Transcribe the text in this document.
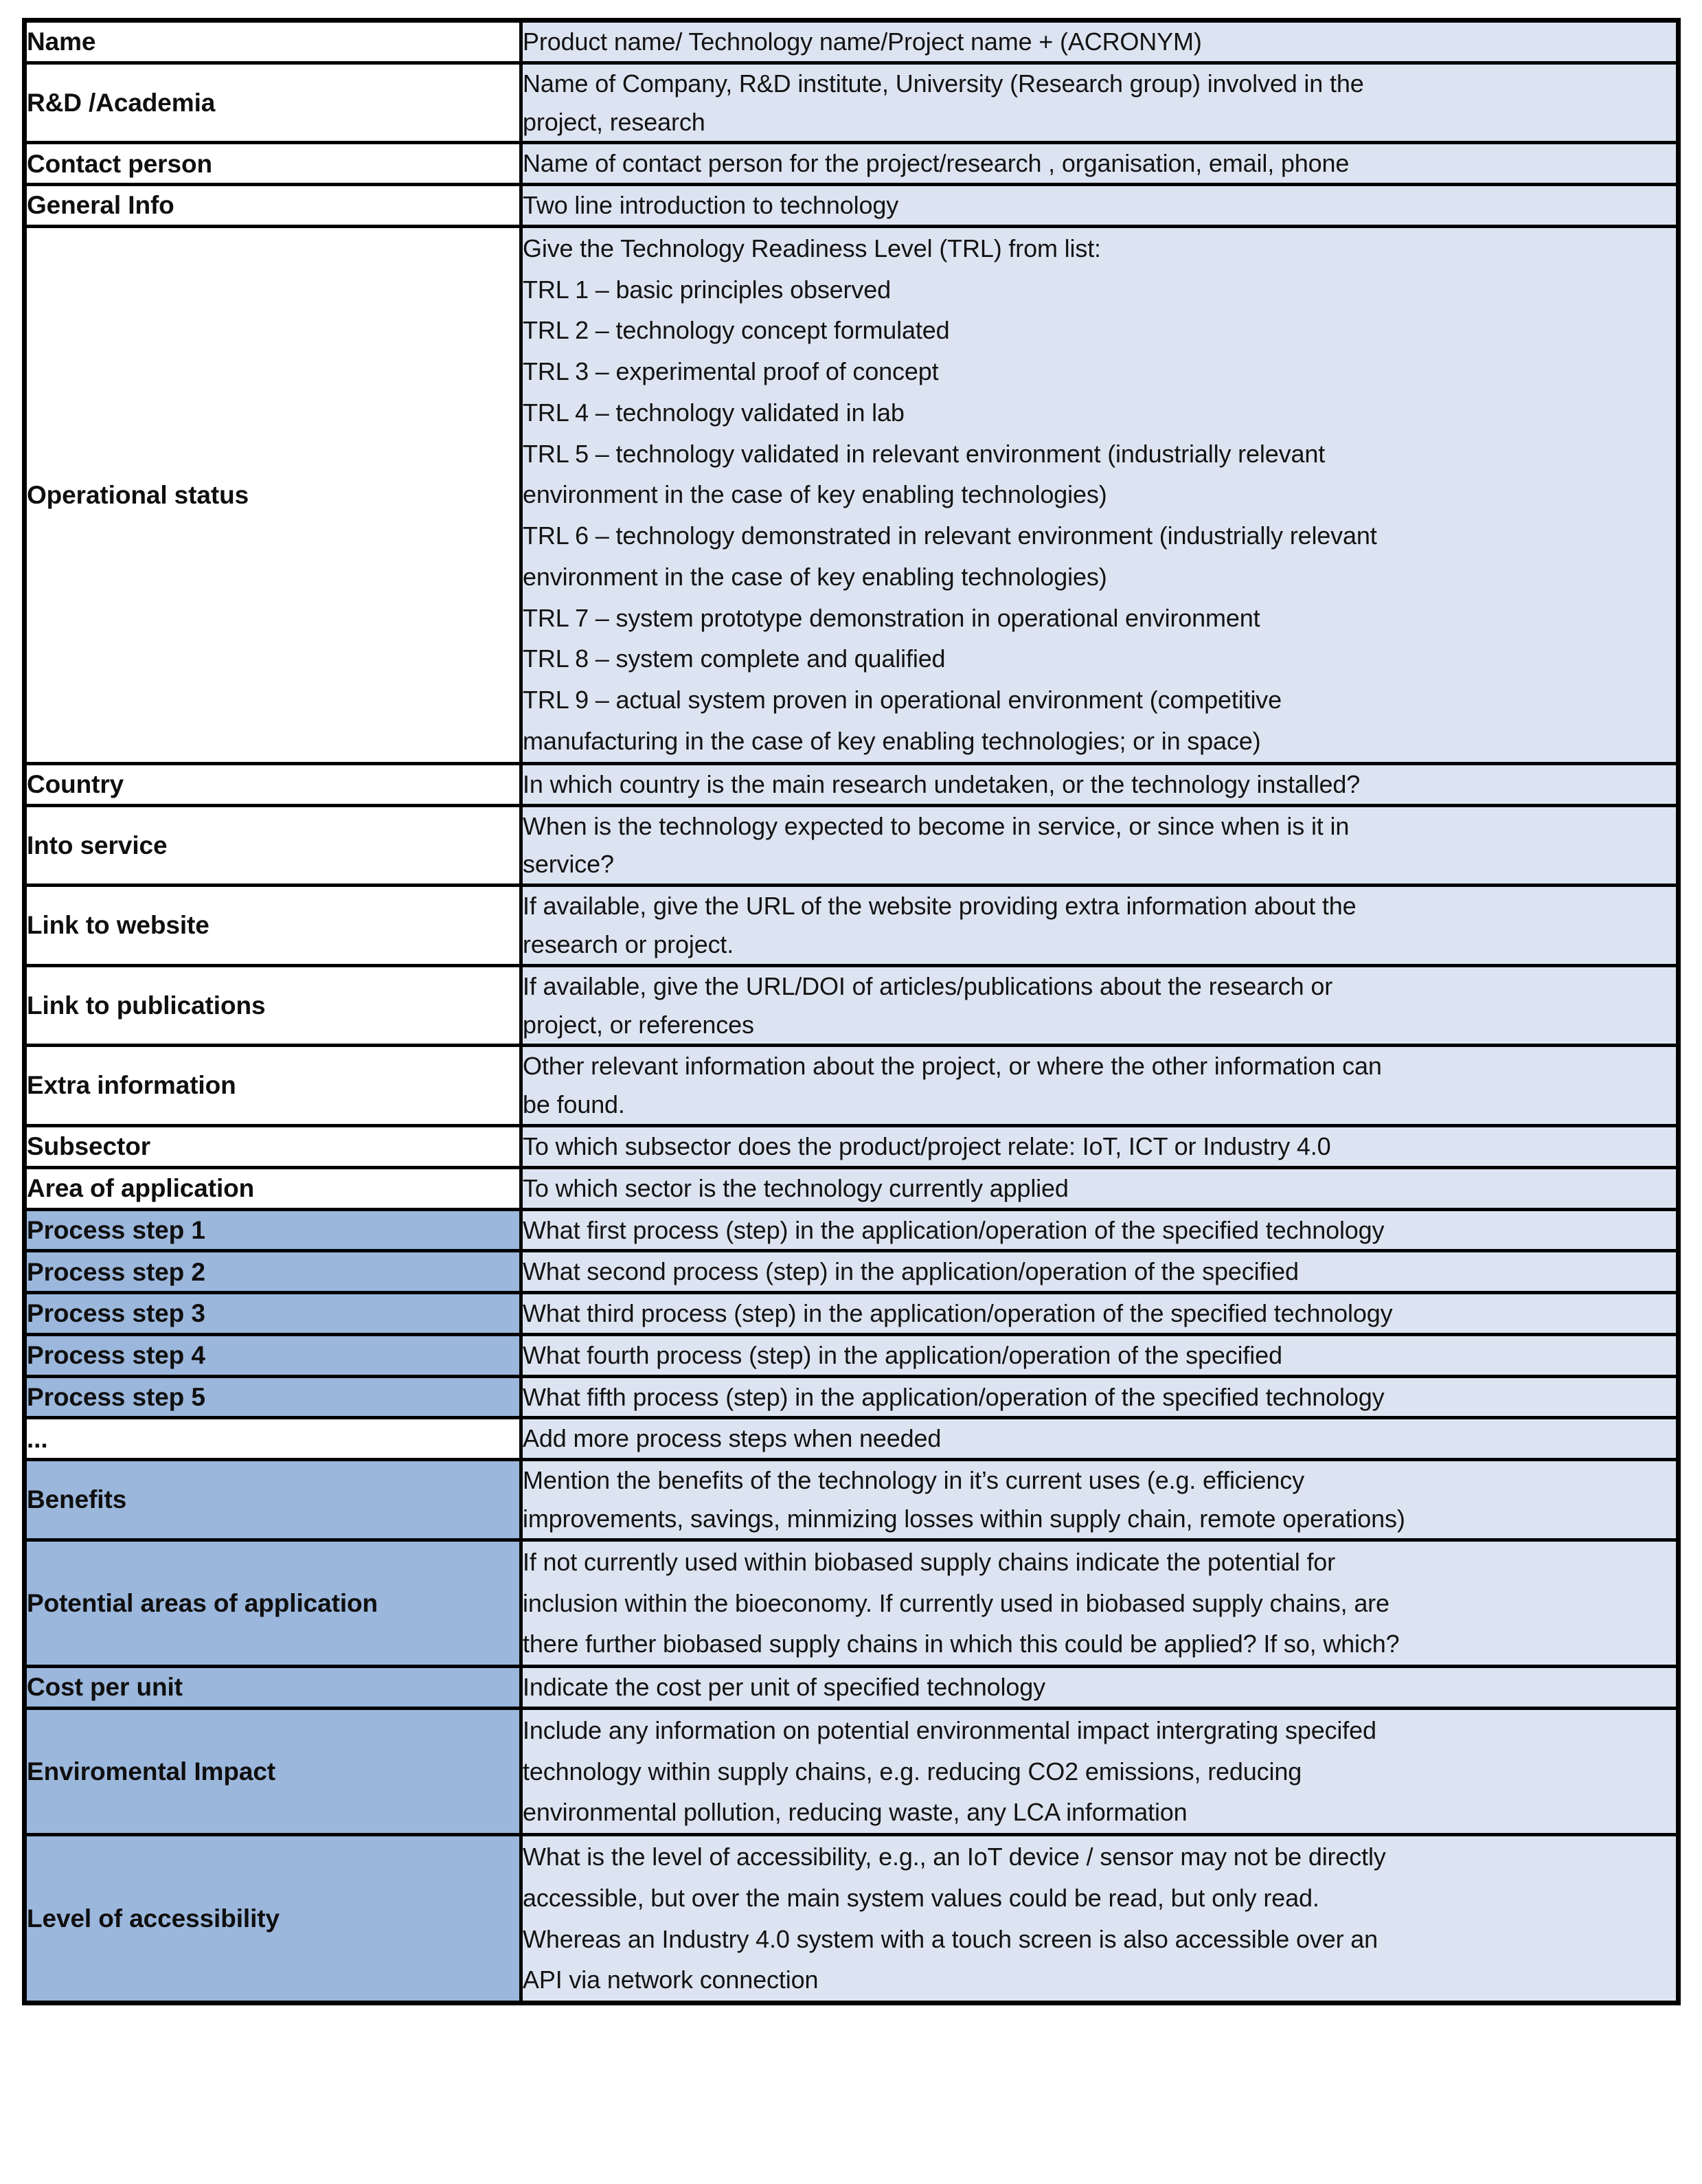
Name	Product name/ Technology name/Project name + (ACRONYM)

R&D /Academia	Name of Company, R&D institute, University (Research group) involved in the
project, research

Contact person	Name of contact person for the project/research , organisation, email, phone

General Info	Two line introduction to technology

Operational status	
Give the Technology Readiness Level (TRL) from list:
TRL 1 – basic principles observed
TRL 2 – technology concept formulated
TRL 3 – experimental proof of concept
TRL 4 – technology validated in lab
TRL 5 – technology validated in relevant environment (industrially relevant
environment in the case of key enabling technologies)
TRL 6 – technology demonstrated in relevant environment (industrially relevant
environment in the case of key enabling technologies)
TRL 7 – system prototype demonstration in operational environment
TRL 8 – system complete and qualified
TRL 9 – actual system proven in operational environment (competitive
manufacturing in the case of key enabling technologies; or in space)

Country	In which country is the main research undetaken, or the technology installed?

Into service	When is the technology expected to become in service, or since when is it in
service?

Link to website	If available, give the URL of the website providing extra information about the
research or project.

Link to publications	If available, give the URL/DOI of articles/publications about the research or
project, or references

Extra information	Other relevant information about the project, or where the other information can
be found.

Subsector	To which subsector does the product/project relate: IoT, ICT or Industry 4.0

Area of application	To which sector is the technology currently applied

Process step 1	What first process (step) in the application/operation of the specified technology

Process step 2	What second process (step) in the application/operation of the specified

Process step 3	What third process (step) in the application/operation of the specified technology

Process step 4	What fourth process (step) in the application/operation of the specified

Process step 5	What fifth process (step) in the application/operation of the specified technology

...	Add more process steps when needed

Benefits	Mention the benefits of the technology in it’s current uses (e.g. efficiency
improvements, savings, minmizing losses within supply chain, remote operations)

Potential areas of application	If not currently used within biobased supply chains indicate the potential for
inclusion within the bioeconomy. If currently used in biobased supply chains, are
there further biobased supply chains in which this could be applied? If so, which?

Cost per unit	Indicate the cost per unit of specified technology

Enviromental Impact	Include any information on potential environmental impact intergrating specifed
technology within supply chains, e.g. reducing CO2 emissions, reducing
environmental pollution, reducing waste, any LCA information

Level of accessibility	What is the level of accessibility, e.g., an IoT device / sensor may not be directly
accessible, but over the main system values could be read, but only read.
Whereas an Industry 4.0 system with a touch screen is also accessible over an
API via network connection
